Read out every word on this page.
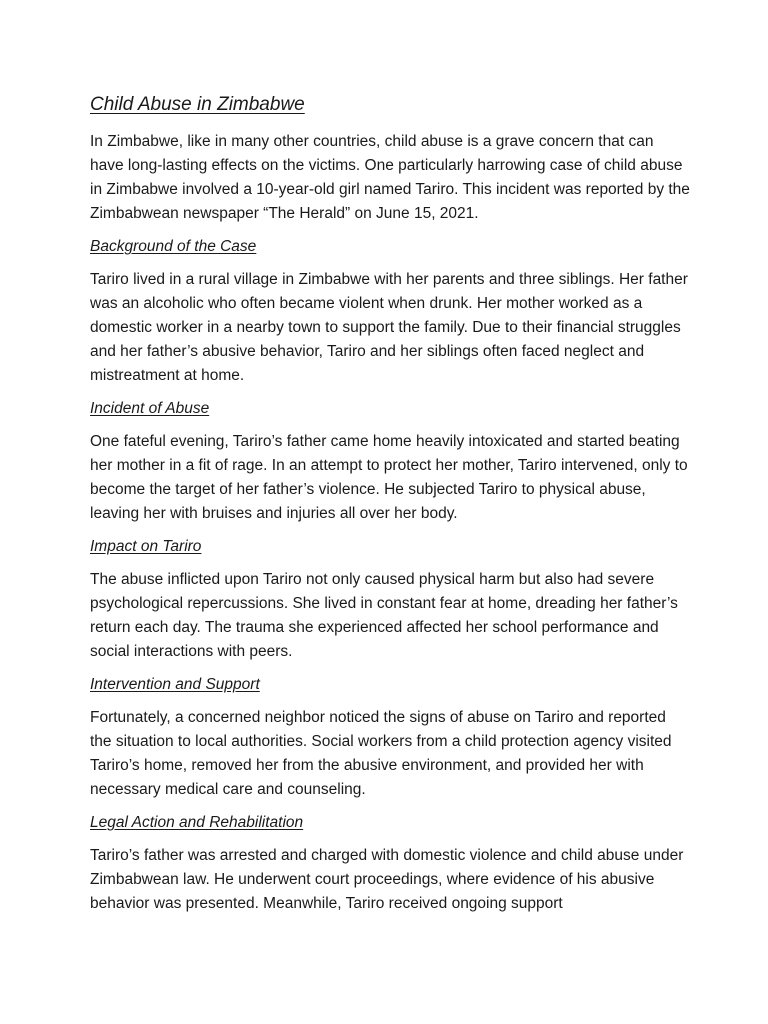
Child Abuse in Zimbabwe

In Zimbabwe, like in many other countries, child abuse is a grave concern that can have long-lasting effects on the victims. One particularly harrowing case of child abuse in Zimbabwe involved a 10-year-old girl named Tariro. This incident was reported by the Zimbabwean newspaper “The Herald” on June 15, 2021.

Background of the Case

Tariro lived in a rural village in Zimbabwe with her parents and three siblings. Her father was an alcoholic who often became violent when drunk. Her mother worked as a domestic worker in a nearby town to support the family. Due to their financial struggles and her father’s abusive behavior, Tariro and her siblings often faced neglect and mistreatment at home.

Incident of Abuse

One fateful evening, Tariro’s father came home heavily intoxicated and started beating her mother in a fit of rage. In an attempt to protect her mother, Tariro intervened, only to become the target of her father’s violence. He subjected Tariro to physical abuse, leaving her with bruises and injuries all over her body.

Impact on Tariro

The abuse inflicted upon Tariro not only caused physical harm but also had severe psychological repercussions. She lived in constant fear at home, dreading her father’s return each day. The trauma she experienced affected her school performance and social interactions with peers.

Intervention and Support

Fortunately, a concerned neighbor noticed the signs of abuse on Tariro and reported the situation to local authorities. Social workers from a child protection agency visited Tariro’s home, removed her from the abusive environment, and provided her with necessary medical care and counseling.

Legal Action and Rehabilitation

Tariro’s father was arrested and charged with domestic violence and child abuse under Zimbabwean law. He underwent court proceedings, where evidence of his abusive behavior was presented. Meanwhile, Tariro received ongoing support
